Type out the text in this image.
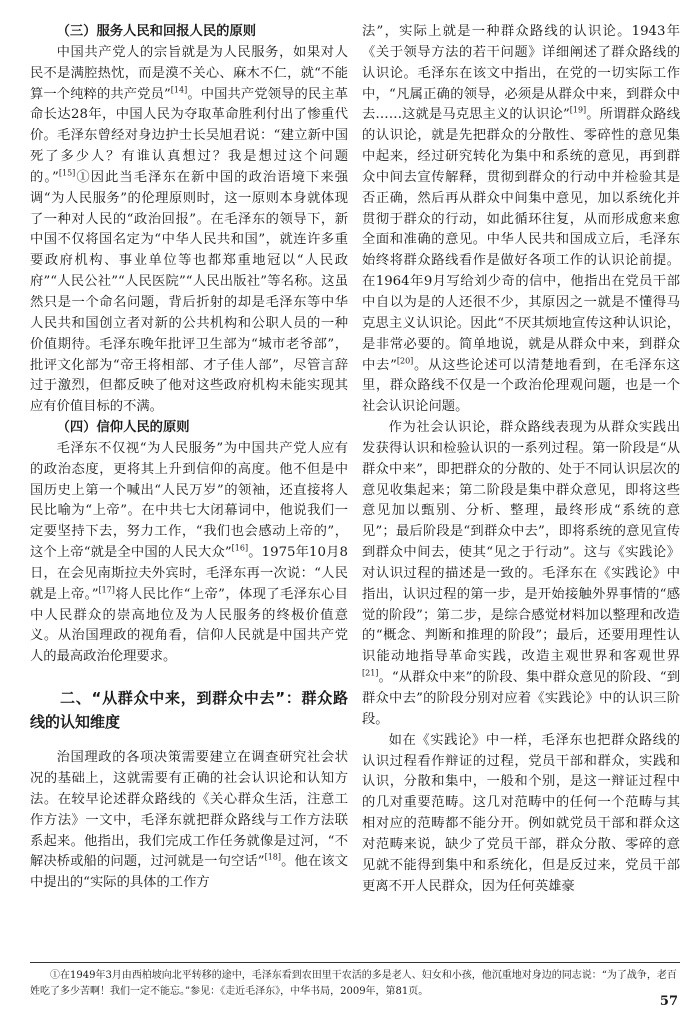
（三）服务人民和回报人民的原则

中国共产党人的宗旨就是为人民服务，如果对人民不是满腔热忱，而是漠不关心、麻木不仁，就“不能算一个纯粹的共产党员”[14]。中国共产党领导的民主革命长达28年，中国人民为夺取革命胜利付出了惨重代价。毛泽东曾经对身边护士长吴旭君说：“建立新中国死了多少人？有谁认真想过？我是想过这个问题的。”[15]①因此当毛泽东在新中国的政治语境下来强调“为人民服务”的伦理原则时，这一原则本身就体现了一种对人民的“政治回报”。在毛泽东的领导下，新中国不仅将国名定为“中华人民共和国”，就连许多重要政府机构、事业单位等也都郑重地冠以“人民政府”“人民公社”“人民医院”“人民出版社”等名称。这虽然只是一个命名问题，背后折射的却是毛泽东等中华人民共和国创立者对新的公共机构和公职人员的一种价值期待。毛泽东晚年批评卫生部为“城市老爷部”，批评文化部为“帝王将相部、才子佳人部”，尽管言辞过于激烈，但都反映了他对这些政府机构未能实现其应有价值目标的不满。

（四）信仰人民的原则

毛泽东不仅视“为人民服务”为中国共产党人应有的政治态度，更将其上升到信仰的高度。他不但是中国历史上第一个喊出“人民万岁”的领袖，还直接将人民比喻为“上帝”。在中共七大闭幕词中，他说我们一定要坚持下去，努力工作，“我们也会感动上帝的”，这个上帝“就是全中国的人民大众”[16]。1975年10月8日，在会见南斯拉夫外宾时，毛泽东再一次说：“人民就是上帝。”[17]将人民比作“上帝”，体现了毛泽东心目中人民群众的崇高地位及为人民服务的终极价值意义。从治国理政的视角看，信仰人民就是中国共产党人的最高政治伦理要求。

二、“从群众中来，到群众中去”：群众路线的认知维度

治国理政的各项决策需要建立在调查研究社会状况的基础上，这就需要有正确的社会认识论和认知方法。在较早论述群众路线的《关心群众生活，注意工作方法》一文中，毛泽东就把群众路线与工作方法联系起来。他指出，我们完成工作任务就像是过河，“不解决桥或船的问题，过河就是一句空话”[18]。他在该文中提出的“实际的具体的工作方

法”，实际上就是一种群众路线的认识论。1943年《关于领导方法的若干问题》详细阐述了群众路线的认识论。毛泽东在该文中指出，在党的一切实际工作中，“凡属正确的领导，必须是从群众中来，到群众中去……这就是马克思主义的认识论”[19]。所谓群众路线的认识论，就是先把群众的分散性、零碎性的意见集中起来，经过研究转化为集中和系统的意见，再到群众中间去宣传解释，贯彻到群众的行动中并检验其是否正确，然后再从群众中间集中意见，加以系统化并贯彻于群众的行动，如此循环往复，从而形成愈来愈全面和准确的意见。中华人民共和国成立后，毛泽东始终将群众路线看作是做好各项工作的认识论前提。在1964年9月写给刘少奇的信中，他指出在党员干部中自以为是的人还很不少，其原因之一就是不懂得马克思主义认识论。因此“不厌其烦地宣传这种认识论，是非常必要的。简单地说，就是从群众中来，到群众中去”[20]。从这些论述可以清楚地看到，在毛泽东这里，群众路线不仅是一个政治伦理观问题，也是一个社会认识论问题。

作为社会认识论，群众路线表现为从群众实践出发获得认识和检验认识的一系列过程。第一阶段是“从群众中来”，即把群众的分散的、处于不同认识层次的意见收集起来；第二阶段是集中群众意见，即将这些意见加以甄别、分析、整理，最终形成“系统的意见”；最后阶段是“到群众中去”，即将系统的意见宣传到群众中间去，使其“见之于行动”。这与《实践论》对认识过程的描述是一致的。毛泽东在《实践论》中指出，认识过程的第一步，是开始接触外界事情的“感觉的阶段”；第二步，是综合感觉材料加以整理和改造的“概念、判断和推理的阶段”；最后，还要用理性认识能动地指导革命实践，改造主观世界和客观世界[21]。“从群众中来”的阶段、集中群众意见的阶段、“到群众中去”的阶段分别对应着《实践论》中的认识三阶段。

如在《实践论》中一样，毛泽东也把群众路线的认识过程看作辩证的过程，党员干部和群众，实践和认识，分散和集中，一般和个别，是这一辩证过程中的几对重要范畴。这几对范畴中的任何一个范畴与其相对应的范畴都不能分开。例如就党员干部和群众这对范畴来说，缺少了党员干部，群众分散、零碎的意见就不能得到集中和系统化，但是反过来，党员干部更离不开人民群众，因为任何英雄豪

①在1949年3月由西柏坡向北平转移的途中，毛泽东看到农田里干农活的多是老人、妇女和小孩，他沉重地对身边的同志说：“为了战争，老百姓吃了多少苦啊！我们一定不能忘。”参见：《走近毛泽东》，中华书局，2009年，第81页。
57
